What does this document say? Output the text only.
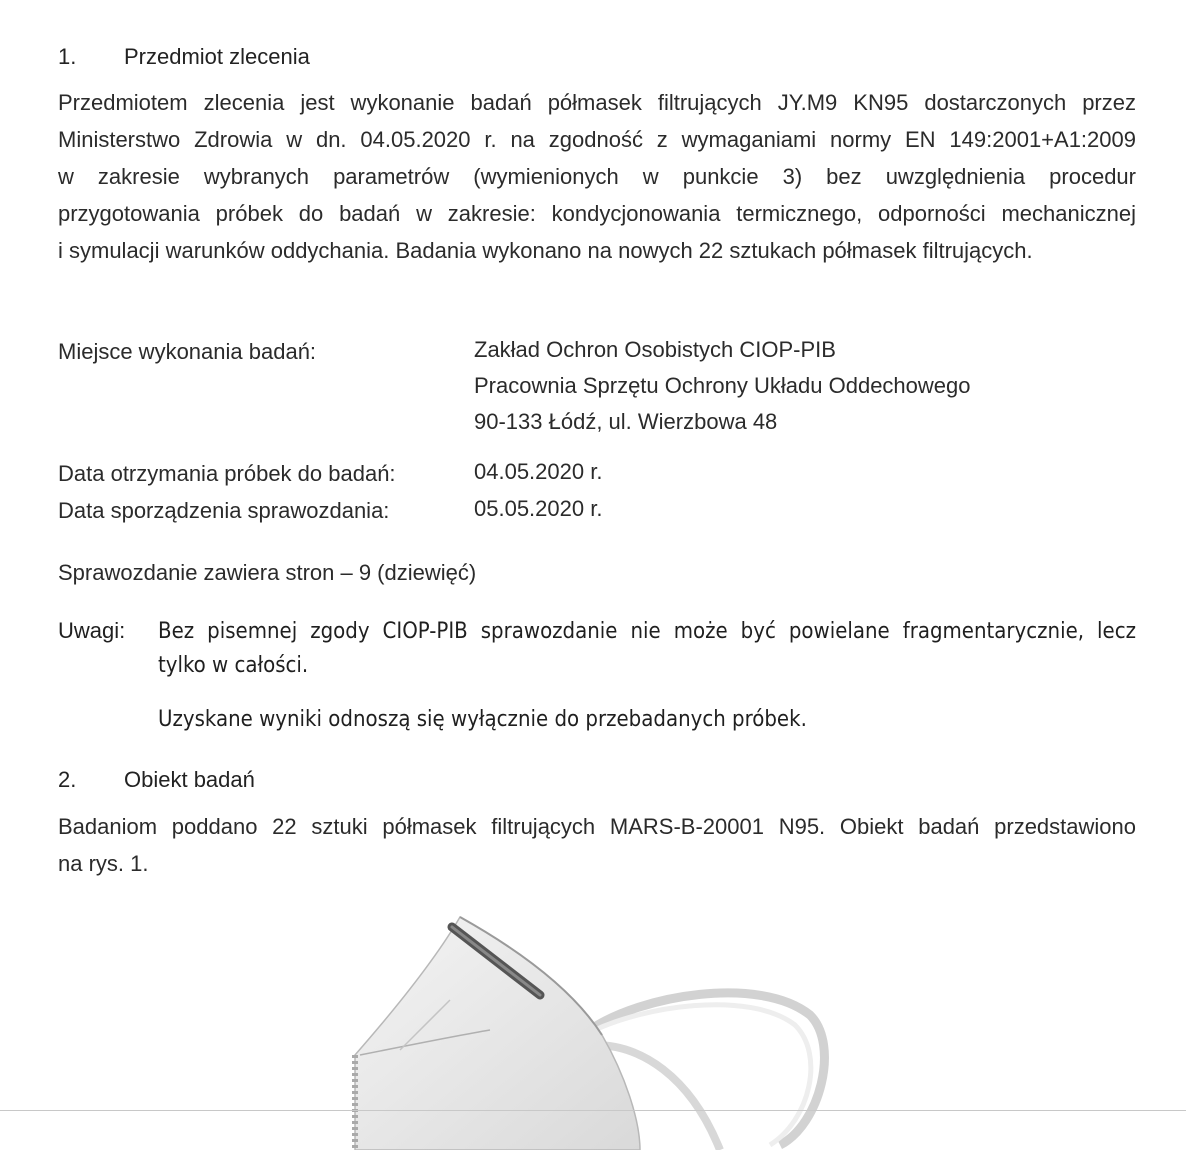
1.	Przedmiot zlecenia
Przedmiotem zlecenia jest wykonanie badań półmasek filtrujących JY.M9 KN95 dostarczonych przez
Ministerstwo Zdrowia w dn. 04.05.2020 r. na zgodność z wymaganiami normy EN 149:2001+A1:2009
w zakresie wybranych parametrów (wymienionych w punkcie 3) bez uwzględnienia procedur
przygotowania próbek do badań w zakresie: kondycjonowania termicznego, odporności mechanicznej
i symulacji warunków oddychania. Badania wykonano na nowych 22 sztukach półmasek filtrujących.
Miejsce wykonania badań:	Zakład Ochron Osobistych CIOP-PIB
Pracownia Sprzętu Ochrony Układu Oddechowego
90-133 Łódź, ul. Wierzbowa 48
Data otrzymania próbek do badań:	04.05.2020 r.
Data sporządzenia sprawozdania:	05.05.2020 r.
Sprawozdanie zawiera stron – 9 (dziewięć)
Uwagi: Bez pisemnej zgody CIOP-PIB sprawozdanie nie może być powielane fragmentarycznie, lecz
tylko w całości.
Uzyskane wyniki odnoszą się wyłącznie do przebadanych próbek.
2.	Obiekt badań
Badaniom poddano 22 sztuki półmasek filtrujących MARS-B-20001 N95. Obiekt badań przedstawiono
na rys. 1.
